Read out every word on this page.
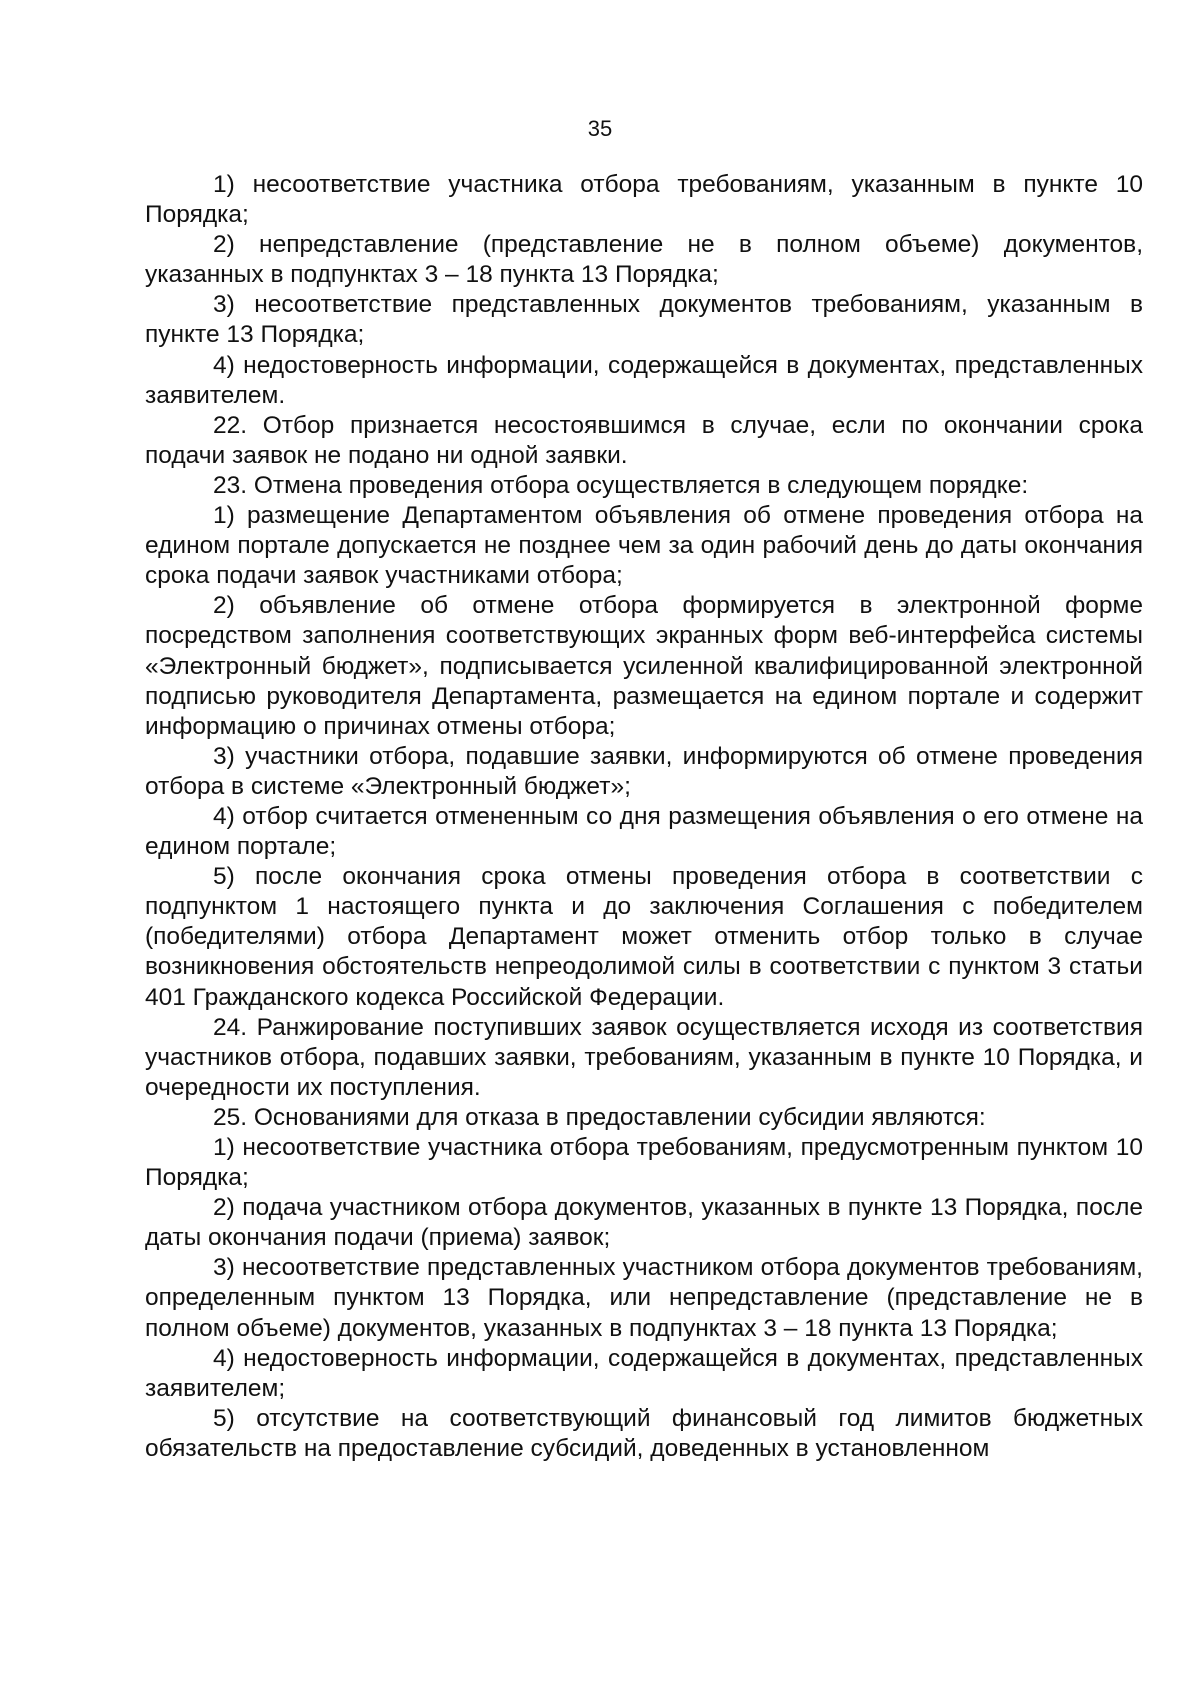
35

1) несоответствие участника отбора требованиям, указанным в пункте 10 Порядка;

2) непредставление (представление не в полном объеме) документов, указанных в подпунктах 3 – 18 пункта 13 Порядка;

3) несоответствие представленных документов требованиям, указанным в пункте 13 Порядка;

4) недостоверность информации, содержащейся в документах, представленных заявителем.

22. Отбор признается несостоявшимся в случае, если по окончании срока подачи заявок не подано ни одной заявки.

23. Отмена проведения отбора осуществляется в следующем порядке:

1) размещение Департаментом объявления об отмене проведения отбора на едином портале допускается не позднее чем за один рабочий день до даты окончания срока подачи заявок участниками отбора;

2) объявление об отмене отбора формируется в электронной форме посредством заполнения соответствующих экранных форм веб-интерфейса системы «Электронный бюджет», подписывается усиленной квалифицированной электронной подписью руководителя Департамента, размещается на едином портале и содержит информацию о причинах отмены отбора;

3) участники отбора, подавшие заявки, информируются об отмене проведения отбора в системе «Электронный бюджет»;

4) отбор считается отмененным со дня размещения объявления о его отмене на едином портале;

5) после окончания срока отмены проведения отбора в соответствии с подпунктом 1 настоящего пункта и до заключения Соглашения с победителем (победителями) отбора Департамент может отменить отбор только в случае возникновения обстоятельств непреодолимой силы в соответствии с пунктом 3 статьи 401 Гражданского кодекса Российской Федерации.

24. Ранжирование поступивших заявок осуществляется исходя из соответствия участников отбора, подавших заявки, требованиям, указанным в пункте 10 Порядка, и очередности их поступления.

25. Основаниями для отказа в предоставлении субсидии являются:

1) несоответствие участника отбора требованиям, предусмотренным пунктом 10 Порядка;

2) подача участником отбора документов, указанных в пункте 13 Порядка, после даты окончания подачи (приема) заявок;

3) несоответствие представленных участником отбора документов требованиям, определенным пунктом 13 Порядка, или непредставление (представление не в полном объеме) документов, указанных в подпунктах 3 – 18 пункта 13 Порядка;

4) недостоверность информации, содержащейся в документах, представленных заявителем;

5) отсутствие на соответствующий финансовый год лимитов бюджетных обязательств на предоставление субсидий, доведенных в установленном
